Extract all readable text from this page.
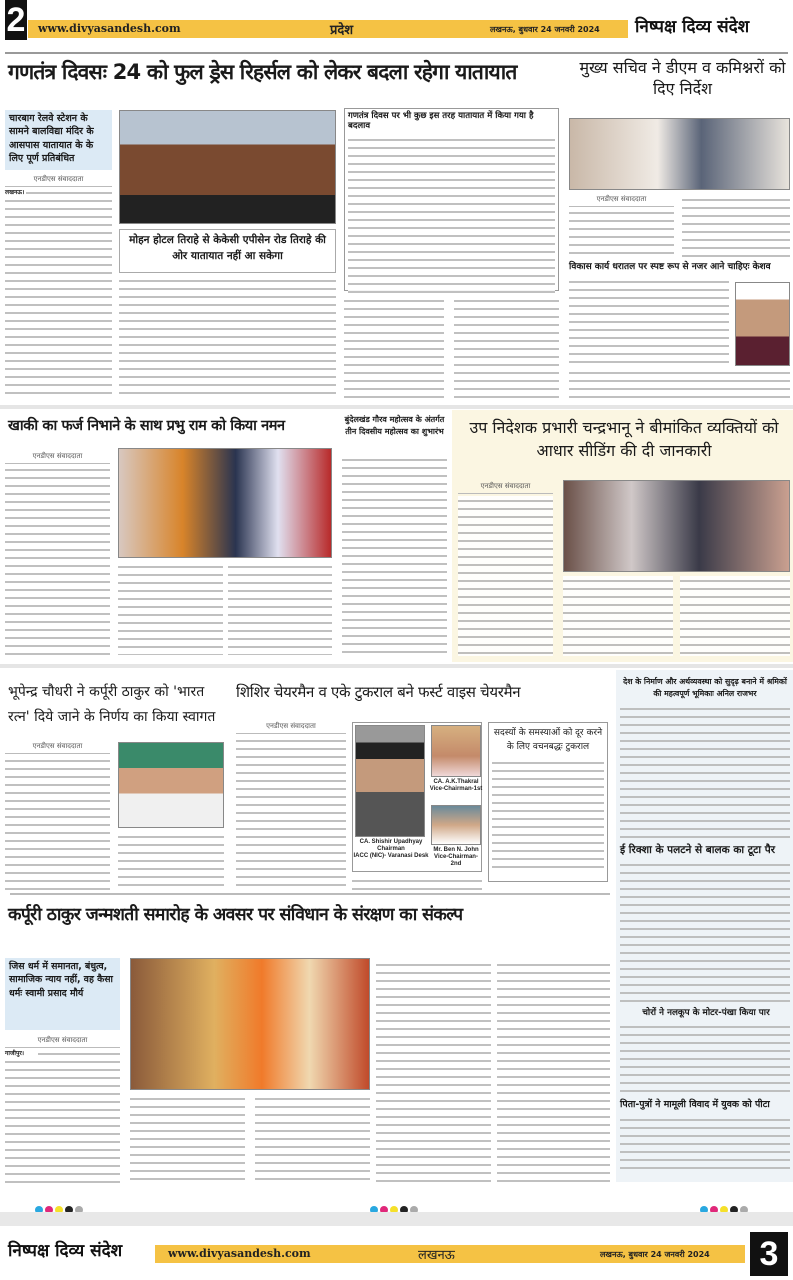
2 www.divyasandesh.com	प्रदेश	लखनऊ, बुधवार 24 जनवरी 2024 निष्पक्ष दिव्य संदेश
गणतंत्र दिवसः 24 को फुल ड्रेस रिहर्सल को लेकर बदला रहेगा यातायात
चारबाग रेलवे स्टेशन के सामने बालविद्या मंदिर के आसपास यातायात के के लिए पूर्ण प्रतिबंधित
एनडीएस संवाददाता
लखनऊ।
मोहन होटल तिराहे से केकेसी एपीसेन रोड तिराहे की ओर यातायात नहीं आ सकेगा
गणतंत्र दिवस पर भी कुछ इस तरह यातायात में किया गया है बदलाव
मुख्य सचिव ने डीएम व कमिश्नरों को दिए निर्देश
एनडीएस संवाददाता
विकास कार्य धरातल पर स्पष्ट रूप से नजर आने चाहिएः केशव
खाकी का फर्ज निभाने के साथ प्रभु राम को किया नमन
एनडीएस संवाददाता
बुंदेलखंड गौरव महोत्सव के अंतर्गत तीन दिवसीय महोत्सव का शुभारंभ	उप निदेशक प्रभारी चन्द्रभानू ने बीमांकित व्यक्तियों को आधार सीडिंग की दी जानकारी
एनडीएस संवाददाता
भूपेन्द्र चौधरी ने कर्पूरी ठाकुर को 'भारत रत्न' दिये जाने के निर्णय का किया स्वागत
एनडीएस संवाददाता
शिशिर चेयरमैन व एके टुकराल बने फर्स्ट वाइस चेयरमैन
एनडीएस संवाददाता
CA. Shishir Upadhyay
Chairman
IACC (NIC)- Varanasi Desk
CA. A.K.Thakral
Vice-Chairman-1st
Mr. Ben N. John
Vice-Chairman-2nd
सदस्यों के समस्याओं को दूर करने के लिए वचनबद्धः टुकराल
देश के निर्माण और अर्थव्यवस्था को सुदृढ़ बनाने में श्रमिकों की महत्वपूर्ण भूमिकाः अनिल राजभर
ई रिक्शा के पलटने से बालक का टूटा पैर
चोरों ने नलकूप के मोटर-पंखा किया पार
पिता-पुत्रों ने मामूली विवाद में युवक को पीटा
कर्पूरी ठाकुर जन्मशती समारोह के अवसर पर संविधान के संरक्षण का संकल्प
जिस धर्म में समानता, बंधुत्व, सामाजिक न्याय नहीं, वह कैसा धर्मः स्वामी प्रसाद मौर्य
एनडीएस संवाददाता
गाजीपुर।
निष्पक्ष दिव्य संदेश	www.divyasandesh.com	लखनऊ	लखनऊ, बुधवार 24 जनवरी 2024 3
